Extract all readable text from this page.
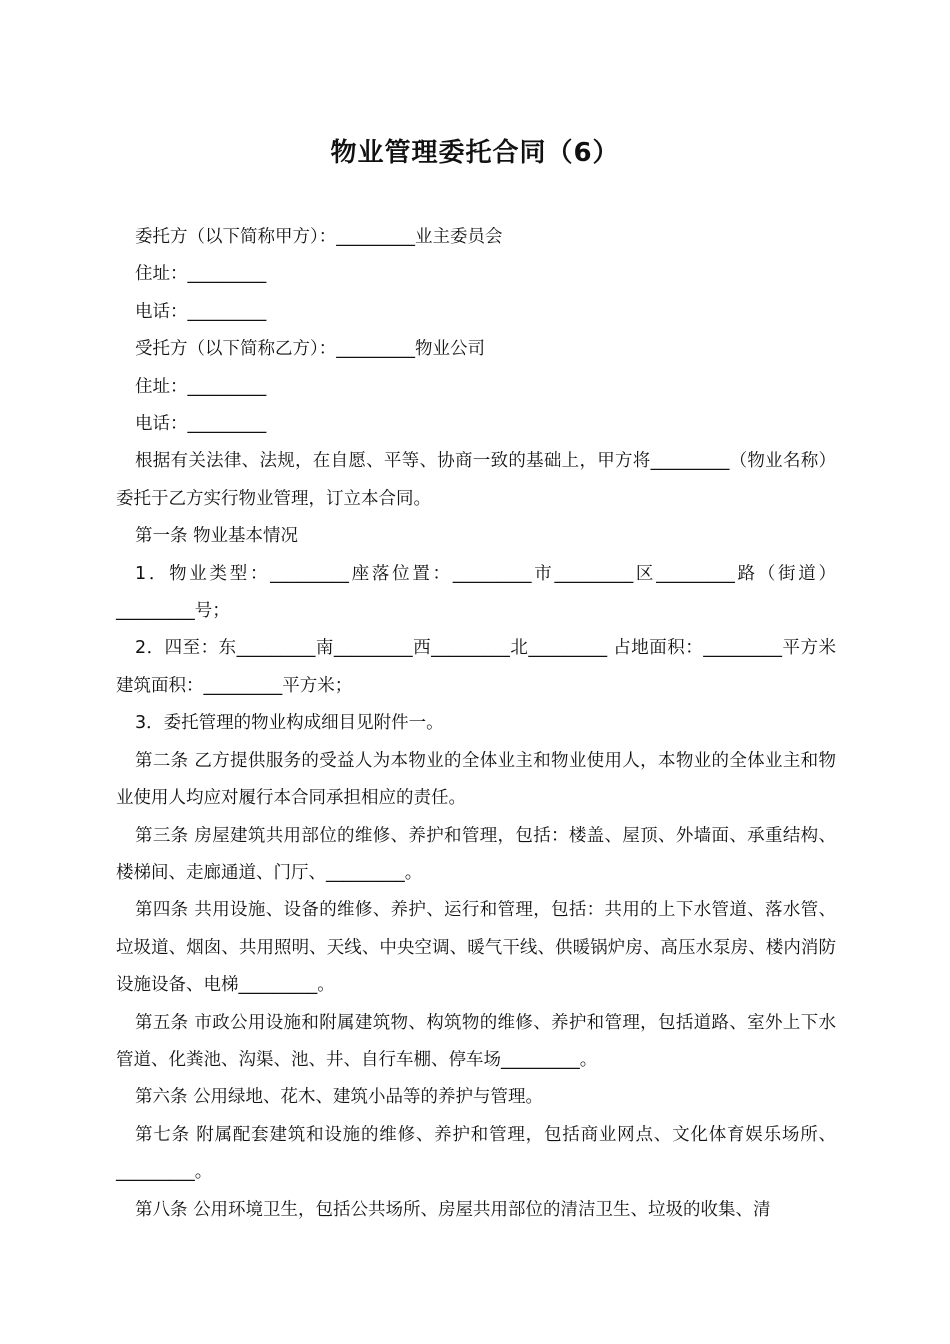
物业管理委托合同（6）

委托方（以下简称甲方）：_________业主委员会

住址：_________

电话：_________

受托方（以下简称乙方）：_________物业公司

住址：_________

电话：_________

根据有关法律、法规，在自愿、平等、协商一致的基础上，甲方将_________（物业名称）委托于乙方实行物业管理，订立本合同。

第一条 物业基本情况

1．物业类型：_________座落位置：_________市_________区_________路（街道）_________号；

2．四至：东_________南_________西_________北_________ 占地面积：_________平方米 建筑面积：_________平方米；

3．委托管理的物业构成细目见附件一。

第二条 乙方提供服务的受益人为本物业的全体业主和物业使用人，本物业的全体业主和物业使用人均应对履行本合同承担相应的责任。

第三条 房屋建筑共用部位的维修、养护和管理，包括：楼盖、屋顶、外墙面、承重结构、楼梯间、走廊通道、门厅、_________。

第四条 共用设施、设备的维修、养护、运行和管理，包括：共用的上下水管道、落水管、垃圾道、烟囱、共用照明、天线、中央空调、暖气干线、供暖锅炉房、高压水泵房、楼内消防设施设备、电梯_________。

第五条 市政公用设施和附属建筑物、构筑物的维修、养护和管理，包括道路、室外上下水管道、化粪池、沟渠、池、井、自行车棚、停车场_________。

第六条 公用绿地、花木、建筑小品等的养护与管理。

第七条 附属配套建筑和设施的维修、养护和管理，包括商业网点、文化体育娱乐场所、_________。

第八条 公用环境卫生，包括公共场所、房屋共用部位的清洁卫生、垃圾的收集、清
